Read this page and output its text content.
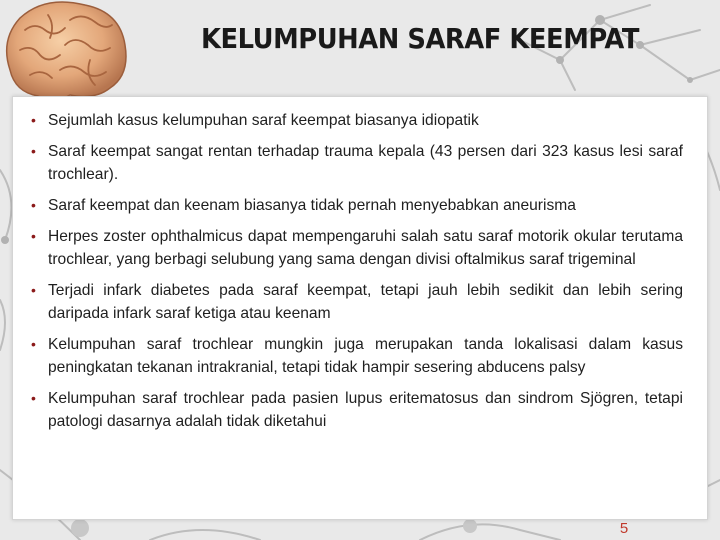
KELUMPUHAN SARAF KEEMPAT
• Sejumlah kasus kelumpuhan saraf keempat biasanya idiopatik
• Saraf keempat sangat rentan terhadap trauma kepala (43 persen dari 323 kasus lesi saraf trochlear).
• Saraf keempat dan keenam biasanya tidak pernah menyebabkan aneurisma
• Herpes zoster ophthalmicus dapat mempengaruhi salah satu saraf motorik okular terutama trochlear, yang berbagi selubung yang sama dengan divisi oftalmikus saraf trigeminal
• Terjadi infark diabetes pada saraf keempat, tetapi jauh lebih sedikit dan lebih sering daripada infark saraf ketiga atau keenam
• Kelumpuhan saraf trochlear mungkin juga merupakan tanda lokalisasi dalam kasus peningkatan tekanan intrakranial, tetapi tidak hampir sesering abducens palsy
• Kelumpuhan saraf trochlear pada pasien lupus eritematosus dan sindrom Sjögren, tetapi patologi dasarnya adalah tidak diketahui
5
